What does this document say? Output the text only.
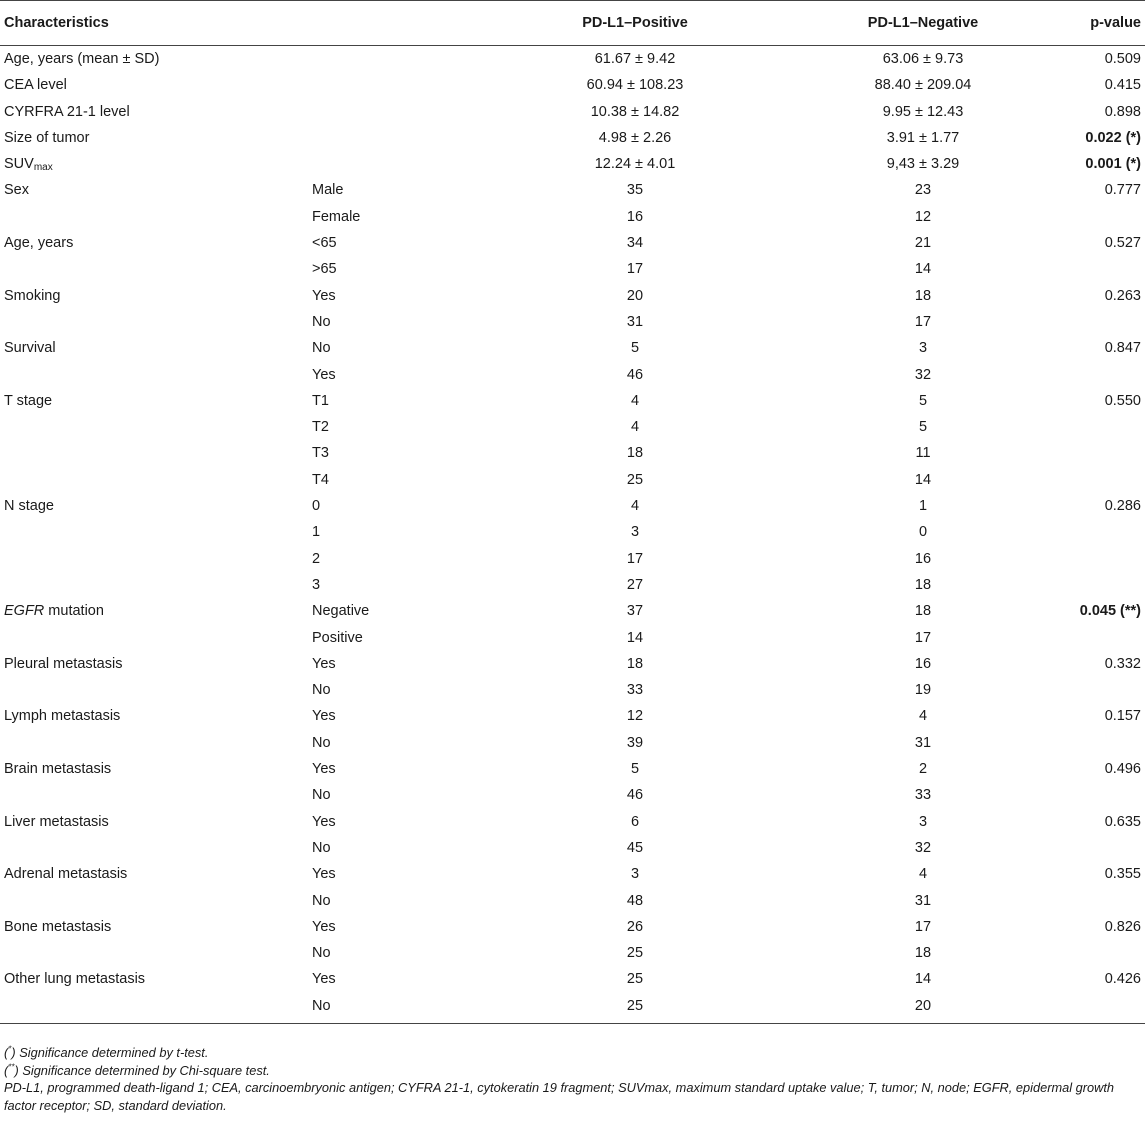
Characteristics		PD-L1–Positive	PD-L1–Negative	p-value
Age, years (mean ± SD)		61.67 ± 9.42	63.06 ± 9.73	0.509
CEA level		60.94 ± 108.23	88.40 ± 209.04	0.415
CYRFRA 21-1 level		10.38 ± 14.82	9.95 ± 12.43	0.898
Size of tumor		4.98 ± 2.26	3.91 ± 1.77	0.022 (*)
$SUV_{max}$		12.24 ± 4.01	9,43 ± 3.29	0.001 (*)
Sex	Male	35	23	0.777
	Female	16	12	
Age, years	<65	34	21	0.527
	>65	17	14	
Smoking	Yes	20	18	0.263
	No	31	17	
Survival	No	5	3	0.847
	Yes	46	32	
T stage	T1	4	5	0.550
	T2	4	5	
	T3	18	11	
	T4	25	14	
N stage	0	4	1	0.286
	1	3	0	
	2	17	16	
	3	27	18	
EGFR mutation	Negative	37	18	0.045 (**)
	Positive	14	17	
Pleural metastasis	Yes	18	16	0.332
	No	33	19	
Lymph metastasis	Yes	12	4	0.157
	No	39	31	
Brain metastasis	Yes	5	2	0.496
	No	46	33	
Liver metastasis	Yes	6	3	0.635
	No	45	32	
Adrenal metastasis	Yes	3	4	0.355
	No	48	31	
Bone metastasis	Yes	26	17	0.826
	No	25	18	
Other lung metastasis	Yes	25	14	0.426
	No	25	20	

(*) Significance determined by t-test.

(**) Significance determined by Chi-square test.

PD-L1, programmed death-ligand 1; CEA, carcinoembryonic antigen; CYFRA 21-1, cytokeratin 19 fragment; SUVmax, maximum standard uptake value; T, tumor; N, node; EGFR, epidermal growth factor receptor; SD, standard deviation.
